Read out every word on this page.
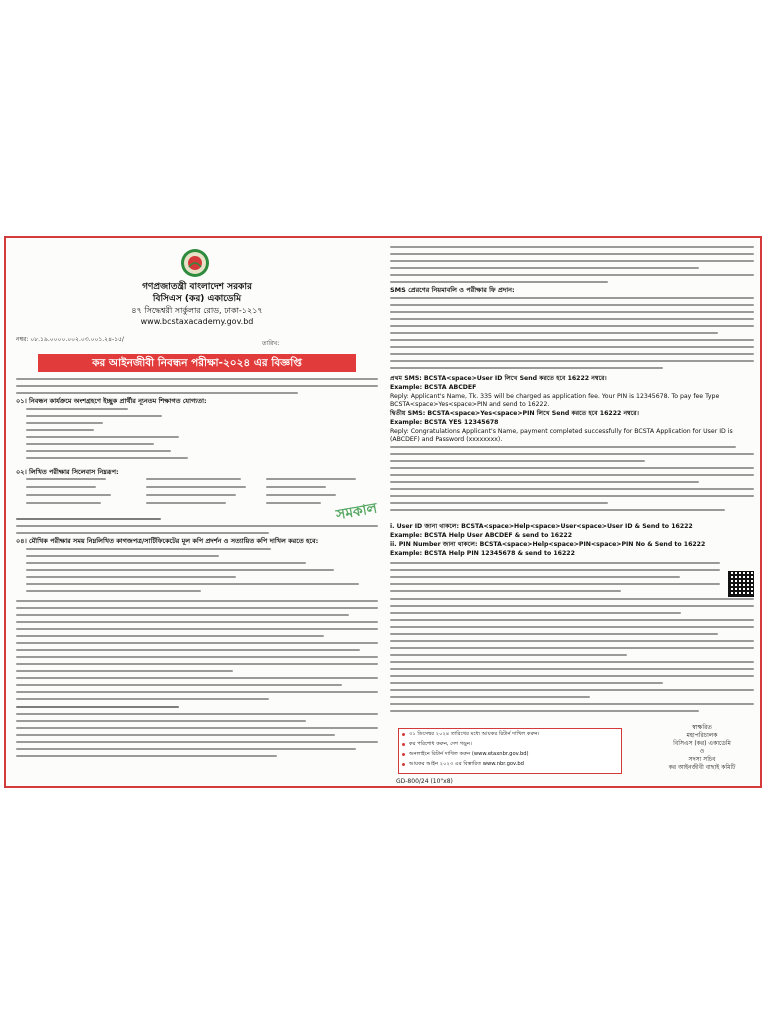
গণপ্রজাতন্ত্রী বাংলাদেশ সরকার
বিসিএস (কর) একাডেমি
৪৭ সিদ্ধেশ্বরী সার্কুলার রোড, ঢাকা-১২১৭
www.bcstaxacademy.gov.bd
নম্বর: ০৮.১৯.০০০০.০০২.০৩.০০১.২৪-১৫/
তারিখ:
কর আইনজীবী নিবন্ধন পরীক্ষা-২০২৪ এর বিজ্ঞপ্তি
০১। নিবন্ধন কার্যক্রমে অংশগ্রহণে ইচ্ছুক প্রার্থীর ন্যূনতম শিক্ষাগত যোগ্যতা:
০২। লিখিত পরীক্ষার সিলেবাস নিম্নরূপ:
০৪। মৌখিক পরীক্ষার সময় নিম্নলিখিত কাগজপত্র/সার্টিফিকেটের মূল কপি প্রদর্শন ও সত্যায়িত কপি দাখিল করতে হবে:
SMS প্রেরণের নিয়মাবলি ও পরীক্ষার ফি প্রদান:
প্রথম SMS: BCSTA<space>User ID লিখে Send করতে হবে 16222 নম্বরে।
Example: BCSTA ABCDEF
Reply: Applicant's Name, Tk. 335 will be charged as application fee. Your PIN is 12345678. To pay fee Type
BCSTA<space>Yes<space>PIN and send to 16222.
দ্বিতীয় SMS: BCSTA<space>Yes<space>PIN লিখে Send করতে হবে 16222 নম্বরে।
Example: BCSTA YES 12345678
Reply: Congratulations Applicant's Name, payment completed successfully for BCSTA Application for User ID is
(ABCDEF) and Password (xxxxxxxx).
i. User ID জানা থাকলে: BCSTA<space>Help<space>User<space>User ID & Send to 16222
Example: BCSTA Help User ABCDEF & send to 16222
ii. PIN Number জানা থাকলে: BCSTA<space>Help<space>PIN<space>PIN No & Send to 16222
Example: BCSTA Help PIN 12345678 & send to 16222
৩১ ডিসেম্বর ২০২৪ তারিখের মধ্যে আয়কর রিটার্ন দাখিল করুন।
কর পরিশোধ করুন, দেশ গড়ুন।
অনলাইনে রিটার্ন দাখিল করুন (www.etaxnbr.gov.bd)
আয়কর আইন ২০২৩ এর বিস্তারিত www.nbr.gov.bd
স্বাক্ষরিত
মহাপরিচালক
বিসিএস (কর) একাডেমি
ও
সদস্য সচিব
কর আইনজীবী বাছাই কমিটি
GD-800/24 (10"x8)
সমকাল
